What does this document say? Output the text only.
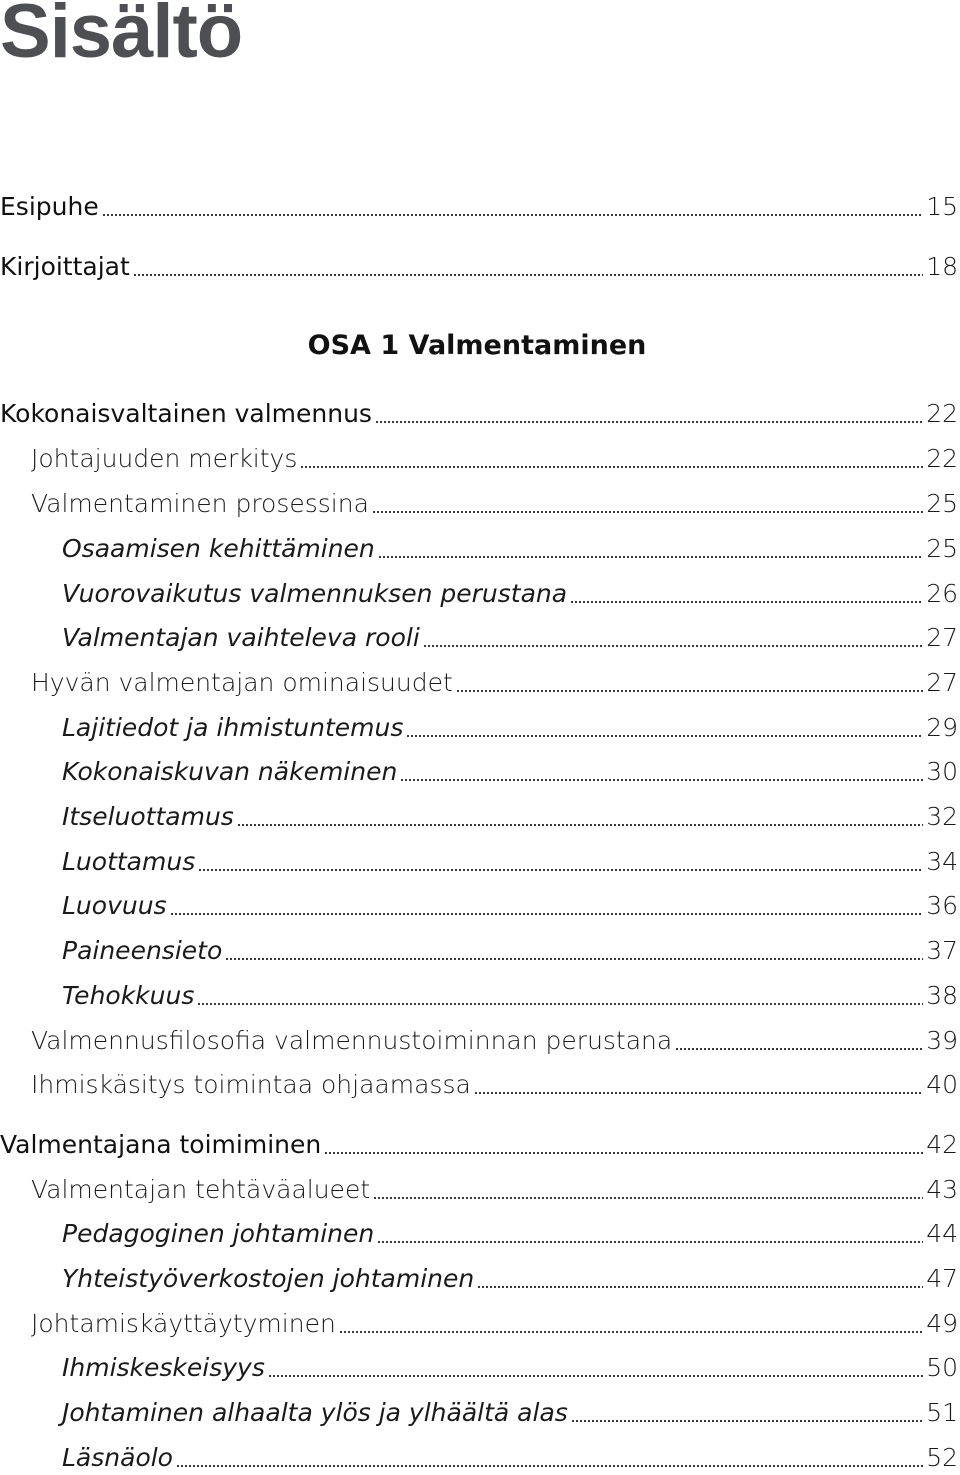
Sisältö
OSA 1 Valmentaminen
Esipuhe	15
Kirjoittajat	18
Kokonaisvaltainen valmennus	22
Johtajuuden merkitys	22
Valmentaminen prosessina	25
Osaamisen kehittäminen	25
Vuorovaikutus valmennuksen perustana	26
Valmentajan vaihteleva rooli	27
Hyvän valmentajan ominaisuudet	27
Lajitiedot ja ihmistuntemus	29
Kokonaiskuvan näkeminen	30
Itseluottamus	32
Luottamus	34
Luovuus	36
Paineensieto	37
Tehokkuus	38
Valmennusfilosofia valmennustoiminnan perustana	39
Ihmiskäsitys toimintaa ohjaamassa	40
Valmentajana toimiminen	42
Valmentajan tehtäväalueet	43
Pedagoginen johtaminen	44
Yhteistyöverkostojen johtaminen	47
Johtamiskäyttäytyminen	49
Ihmiskeskeisyys	50
Johtaminen alhaalta ylös ja ylhäältä alas	51
Läsnäolo	52
